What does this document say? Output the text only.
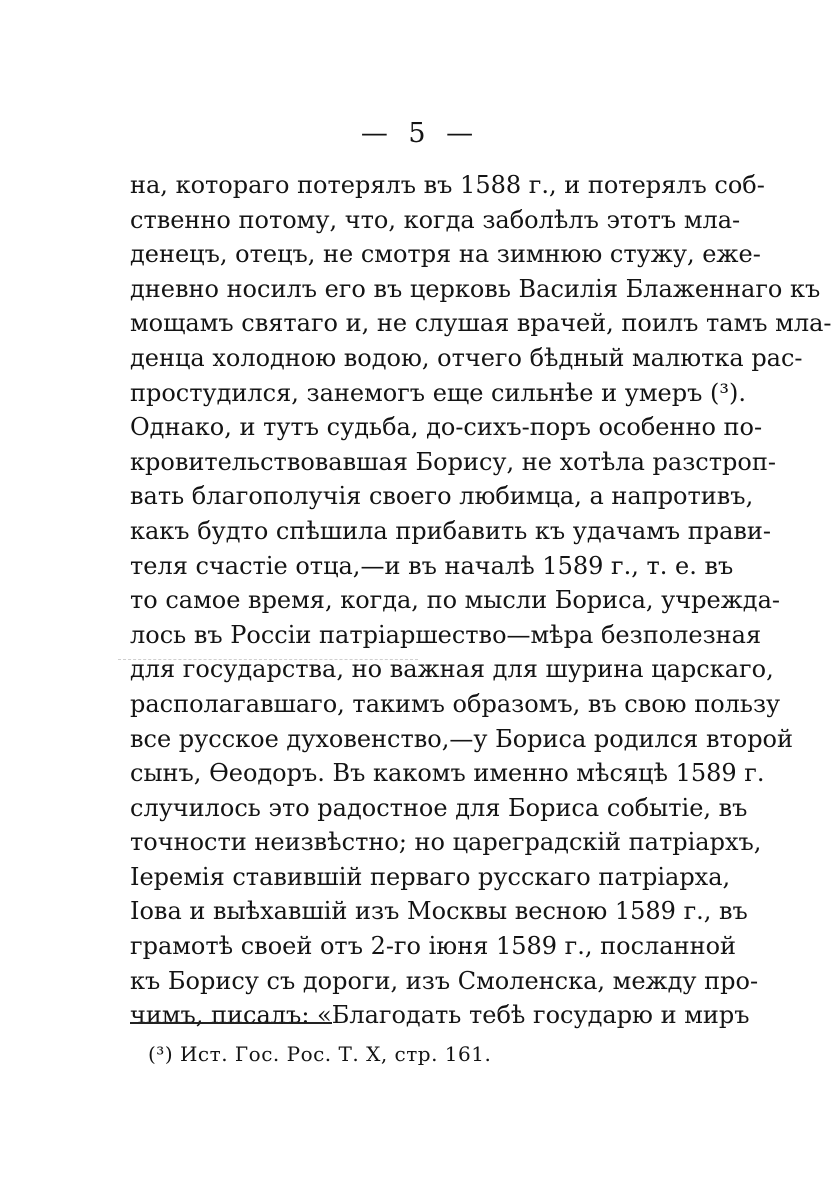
— 5 —
на, котораго потерялъ въ 1588 г., и потерялъ соб-
ственно потому, что, когда заболѣлъ этотъ мла-
денецъ, отецъ, не смотря на зимнюю стужу, еже-
дневно носилъ его въ церковь Василія Блаженнаго къ
мощамъ святаго и, не слушая врачей, поилъ тамъ мла-
денца холодною водою, отчего бѣдный малютка рас-
простудился, занемогъ еще сильнѣе и умеръ (³).
Однако, и тутъ судьба, до-сихъ-поръ особенно по-
кровительствовавшая Борису, не хотѣла разстроп-
вать благополучія своего любимца, а напротивъ,
какъ будто спѣшила прибавить къ удачамъ прави-
теля счастіе отца,—и въ началѣ 1589 г., т. е. въ
то самое время, когда, по мысли Бориса, учрежда-
лось въ Россіи патріаршество—мѣра безполезная
для государства, но важная для шурина царскаго,
располагавшаго, такимъ образомъ, въ свою пользу
все русское духовенство,—у Бориса родился второй
сынъ, Ѳеодоръ. Въ какомъ именно мѣсяцѣ 1589 г.
случилось это радостное для Бориса событіе, въ
точности неизвѣстно; но цареградскій патріархъ,
Іеремія ставившій перваго русскаго патріарха,
Іова и выѣхавшій изъ Москвы весною 1589 г., въ
грамотѣ своей отъ 2-го іюня 1589 г., посланной
къ Борису съ дороги, изъ Смоленска, между про-
чимъ, писалъ: «Благодать тебѣ государю и миръ
(³) Ист. Гос. Рос. Т. X, стр. 161.
